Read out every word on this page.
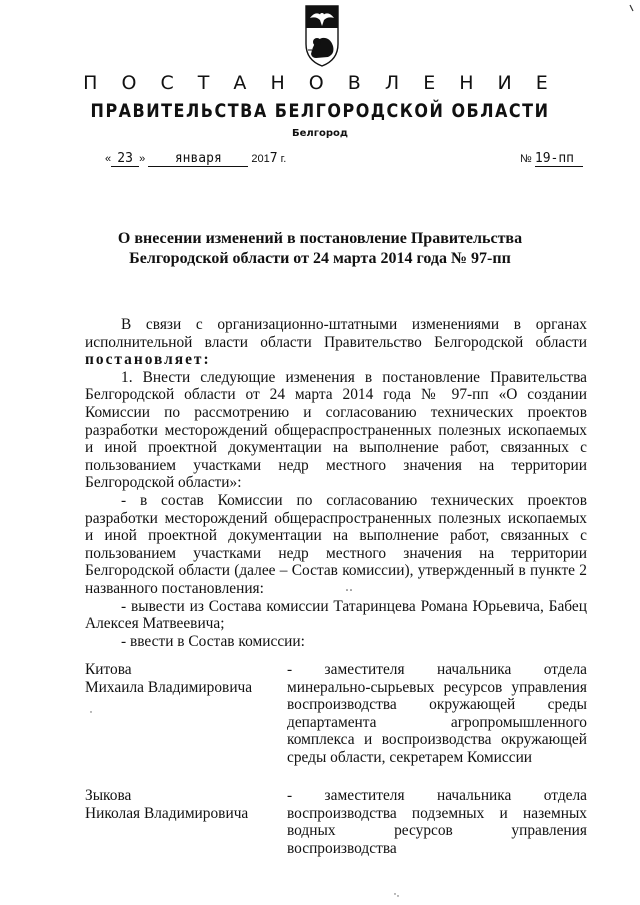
П О С Т А Н О В Л Е Н И Е
ПРАВИТЕЛЬСТВА БЕЛГОРОДСКОЙ ОБЛАСТИ
Белгород
« 23 » января	2017 г.	№ 19-пп
О внесении изменений в постановление Правительства
Белгородской области от 24 марта 2014 года № 97-пп

В связи с организационно-штатными изменениями в органах исполнительной власти области Правительство Белгородской области постановляет:

1. Внести следующие изменения в постановление Правительства Белгородской области от 24 марта 2014 года № 97-пп «О создании Комиссии по рассмотрению и согласованию технических проектов разработки месторождений общераспространенных полезных ископаемых и иной проектной документации на выполнение работ, связанных с пользованием участками недр местного значения на территории Белгородской области»:

- в состав Комиссии по согласованию технических проектов разработки месторождений общераспространенных полезных ископаемых и иной проектной документации на выполнение работ, связанных с пользованием участками недр местного значения на территории Белгородской области (далее – Состав комиссии), утвержденный в пункте 2 названного постановления:

- вывести из Состава комиссии Татаринцева Романа Юрьевича, Бабец Алексея Матвеевича;

- ввести в Состав комиссии:

Китова
Михаила Владимировича
- заместителя начальника отдела минерально-сырьевых ресурсов управления воспроизводства окружающей среды департамента агропромышленного комплекса и воспроизводства окружающей среды области, секретарем Комиссии
Зыкова
Николая Владимировича
- заместителя начальника отдела воспроизводства подземных и наземных водных ресурсов управления воспроизводства
